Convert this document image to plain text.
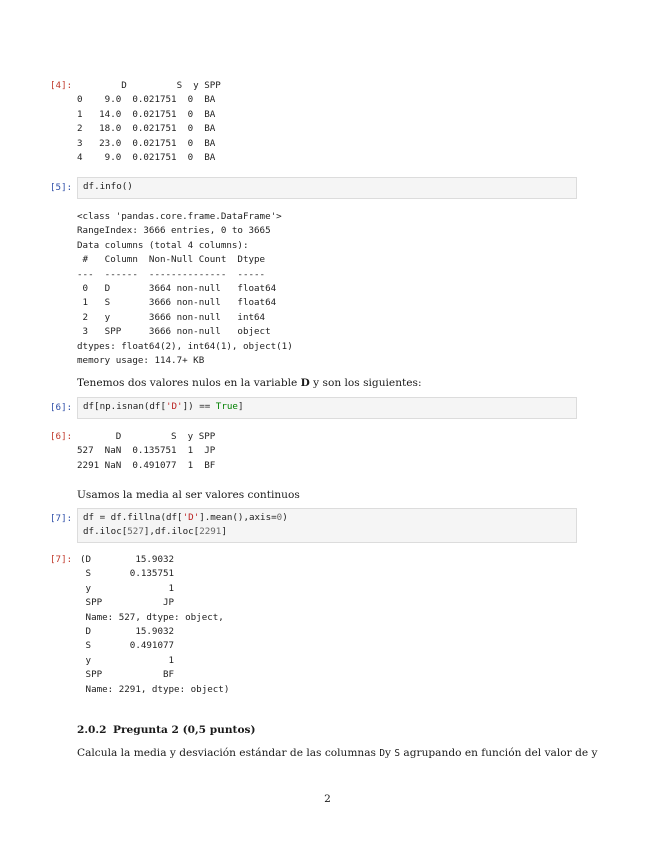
[4]: D         S  y SPP
0    9.0  0.021751  0  BA
1   14.0  0.021751  0  BA
2   18.0  0.021751  0  BA
3   23.0  0.021751  0  BA
4    9.0  0.021751  0  BA
[5]:	df.info()
<class 'pandas.core.frame.DataFrame'>
RangeIndex: 3666 entries, 0 to 3665
Data columns (total 4 columns):
#   Column  Non-Null Count  Dtype
---  ------  --------------  -----
0   D       3664 non-null   float64
1   S       3666 non-null   float64
2   y       3666 non-null   int64
3   SPP     3666 non-null   object
dtypes: float64(2), int64(1), object(1)
memory usage: 114.7+ KB
Tenemos dos valores nulos en la variable D y son los siguientes:
[6]:	df[np.isnan(df['D']) == True]
[6]: D         S  y SPP
527  NaN  0.135751  1  JP
2291 NaN  0.491077  1  BF
Usamos la media al ser valores continuos
[7]:	df = df.fillna(df['D'].mean(),axis=0)
df.iloc[527],df.iloc[2291]
[7]: (D        15.9032
S       0.135751
y              1
SPP           JP
Name: 527, dtype: object,
D        15.9032
S       0.491077
y              1
SPP           BF
Name: 2291, dtype: object)
2.0.2 Pregunta 2 (0,5 puntos)
Calcula la media y desviación estándar de las columnas Dy S agrupando en función del valor de y
2
